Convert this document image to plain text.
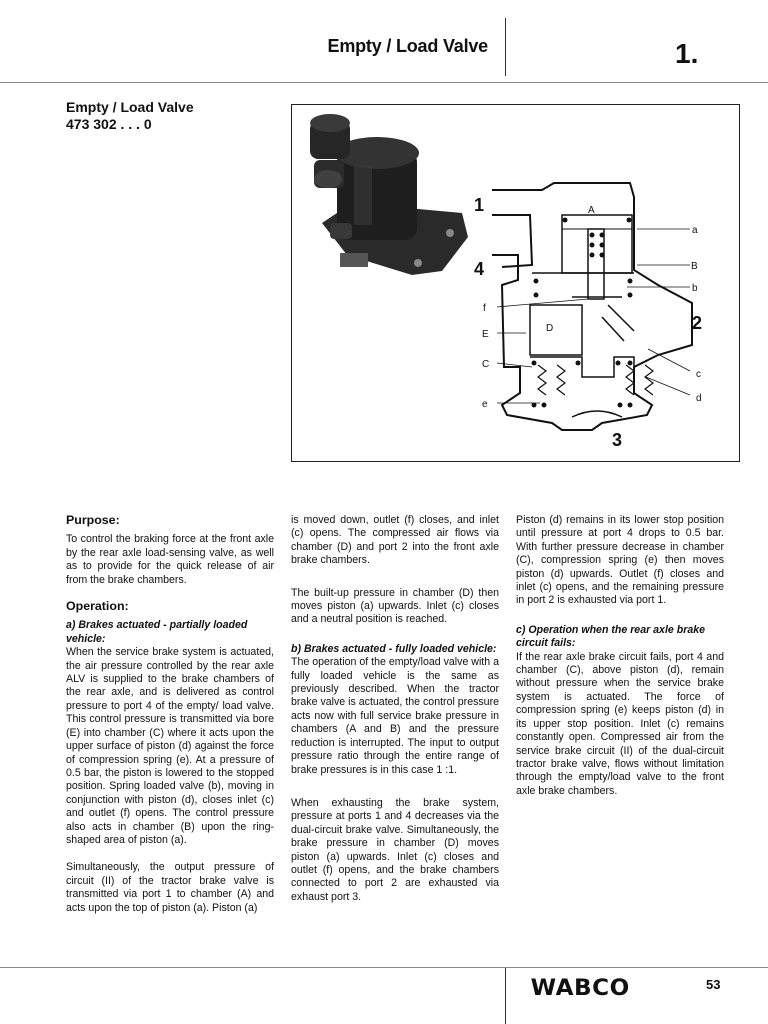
Empty / Load Valve	1.
Empty / Load Valve
473 302 . . . 0
1
4
2
3
A
B
D
f
E
C
e
a
b
c
d
Purpose:

To control the braking force at the front axle by the rear axle load-sensing valve, as well as to provide for the quick release of air from the brake chambers.

Operation:
a) Brakes actuated - partially loaded vehicle:

When the service brake system is actuated, the air pressure controlled by the rear axle ALV is supplied to the brake chambers of the rear axle, and is delivered as control pressure to port 4 of the empty/ load valve. This control pressure is transmitted via bore (E) into chamber (C) where it acts upon the upper surface of piston (d) against the force of compression spring (e). At a pressure of 0.5 bar, the piston is lowered to the stopped position. Spring loaded valve (b), moving in conjunction with piston (d), closes inlet (c) and outlet (f) opens. The control pressure also acts in chamber (B) upon the ring-shaped area of piston (a).

Simultaneously, the output pressure of circuit (II) of the tractor brake valve is transmitted via port 1 to chamber (A) and acts upon the top of piston (a). Piston (a)

is moved down, outlet (f) closes, and inlet (c) opens. The compressed air flows via chamber (D) and port 2 into the front axle brake chambers.

The built-up pressure in chamber (D) then moves piston (a) upwards. Inlet (c) closes and a neutral position is reached.

b) Brakes actuated - fully loaded vehicle:

The operation of the empty/load valve with a fully loaded vehicle is the same as previously described. When the tractor brake valve is actuated, the control pressure acts now with full service brake pressure in chambers (A and B) and the pressure reduction is interrupted. The input to output pressure ratio through the entire range of brake pressures is in this case 1 :1.

When exhausting the brake system, pressure at ports 1 and 4 decreases via the dual-circuit brake valve. Simultaneously, the brake pressure in chamber (D) moves piston (a) upwards. Inlet (c) closes and outlet (f) opens, and the brake chambers connected to port 2 are exhausted via exhaust port 3.

Piston (d) remains in its lower stop position until pressure at port 4 drops to 0.5 bar. With further pressure decrease in chamber (C), compression spring (e) then moves piston (d) upwards. Outlet (f) closes and inlet (c) opens, and the remaining pressure in port 2 is exhausted via port 1.

c) Operation when the rear axle brake circuit fails:

If the rear axle brake circuit fails, port 4 and chamber (C), above piston (d), remain without pressure when the service brake system is actuated. The force of compression spring (e) keeps piston (d) in its upper stop position. Inlet (c) remains constantly open. Compressed air from the service brake circuit (II) of the dual-circuit tractor brake valve, flows without limitation through the empty/load valve to the front axle brake chambers.

WABCO	53
